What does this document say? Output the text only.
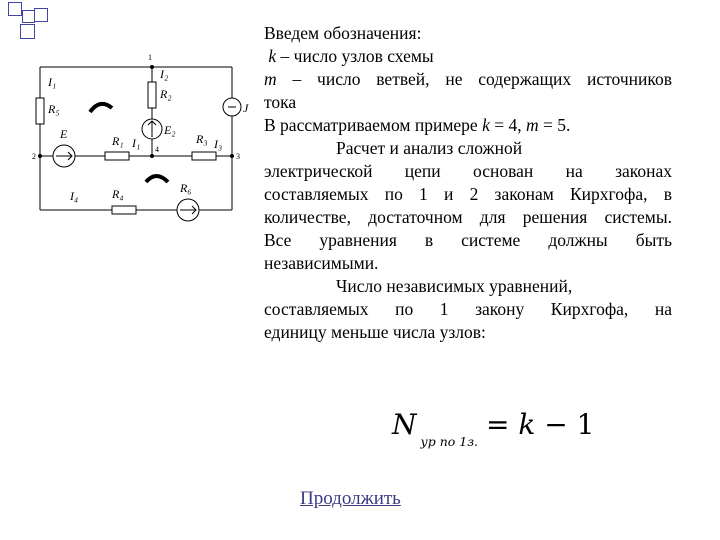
I₁
I₂
R₂
R₅
E	R₁ I₁
E₂
R₃ I₃
J
I₄	R₄	R₆
1
2	3
4

Введем обозначения:

k – число узлов схемы

m – число ветвей, не содержащих источников

тока

В рассматриваемом примере k = 4, m = 5.

Расчет и анализ сложной

электрической цепи основан на законах

составляемых по 1 и 2 законам Кирхгофа, в

количестве, достаточном для решения системы.

Все уравнения в системе должны быть

независимыми.

Число независимых уравнений,

составляемых по 1 закону Кирхгофа, на

единицу меньше числа узлов:

$N_{ур по 1з.}= k - 1$
Продолжить
